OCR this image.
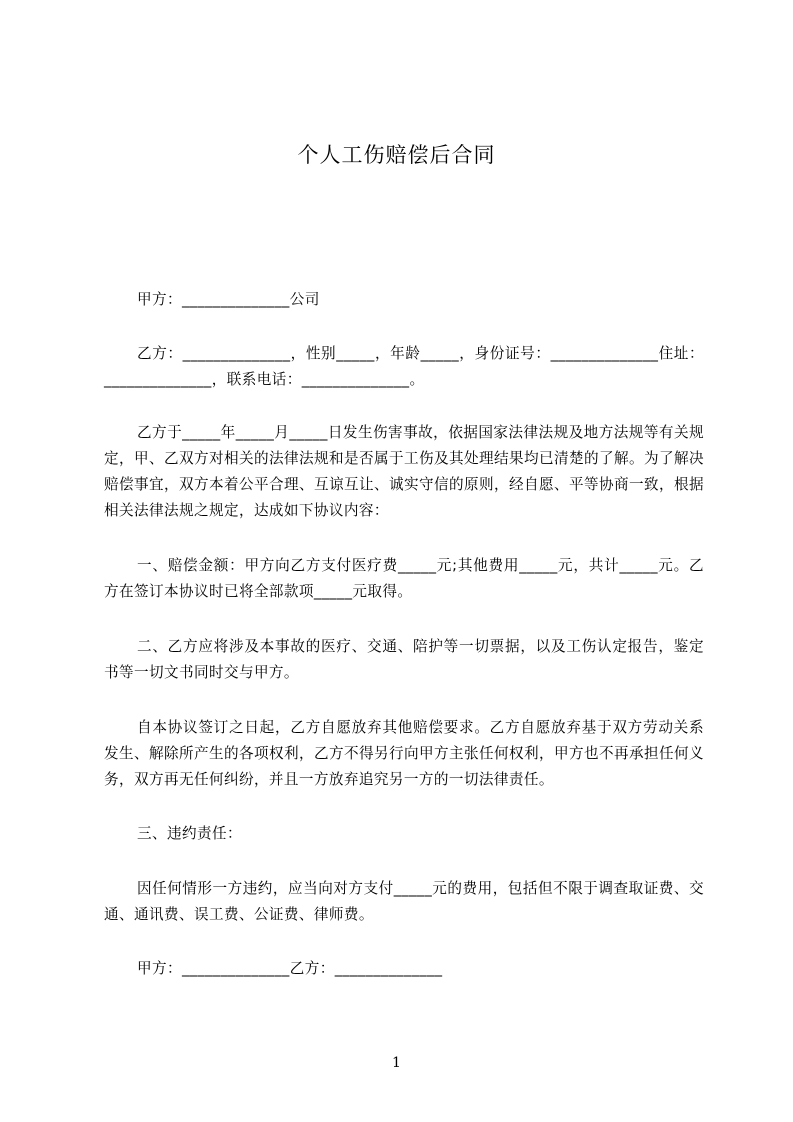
个人工伤赔偿后合同
甲方：______________公司
乙方：______________，性别_____，年龄_____，身份证号：______________住址：______________，联系电话：______________。
乙方于_____年_____月_____日发生伤害事故，依据国家法律法规及地方法规等有关规定，甲、乙双方对相关的法律法规和是否属于工伤及其处理结果均已清楚的了解。为了解决赔偿事宜，双方本着公平合理、互谅互让、诚实守信的原则，经自愿、平等协商一致，根据相关法律法规之规定，达成如下协议内容：
一、赔偿金额：甲方向乙方支付医疗费_____元;其他费用_____元，共计_____元。乙方在签订本协议时已将全部款项_____元取得。
二、乙方应将涉及本事故的医疗、交通、陪护等一切票据，以及工伤认定报告，鉴定书等一切文书同时交与甲方。
自本协议签订之日起，乙方自愿放弃其他赔偿要求。乙方自愿放弃基于双方劳动关系发生、解除所产生的各项权利，乙方不得另行向甲方主张任何权利，甲方也不再承担任何义务，双方再无任何纠纷，并且一方放弃追究另一方的一切法律责任。
三、违约责任：
因任何情形一方违约，应当向对方支付_____元的费用，包括但不限于调查取证费、交通、通讯费、误工费、公证费、律师费。
甲方：______________乙方：______________
1
